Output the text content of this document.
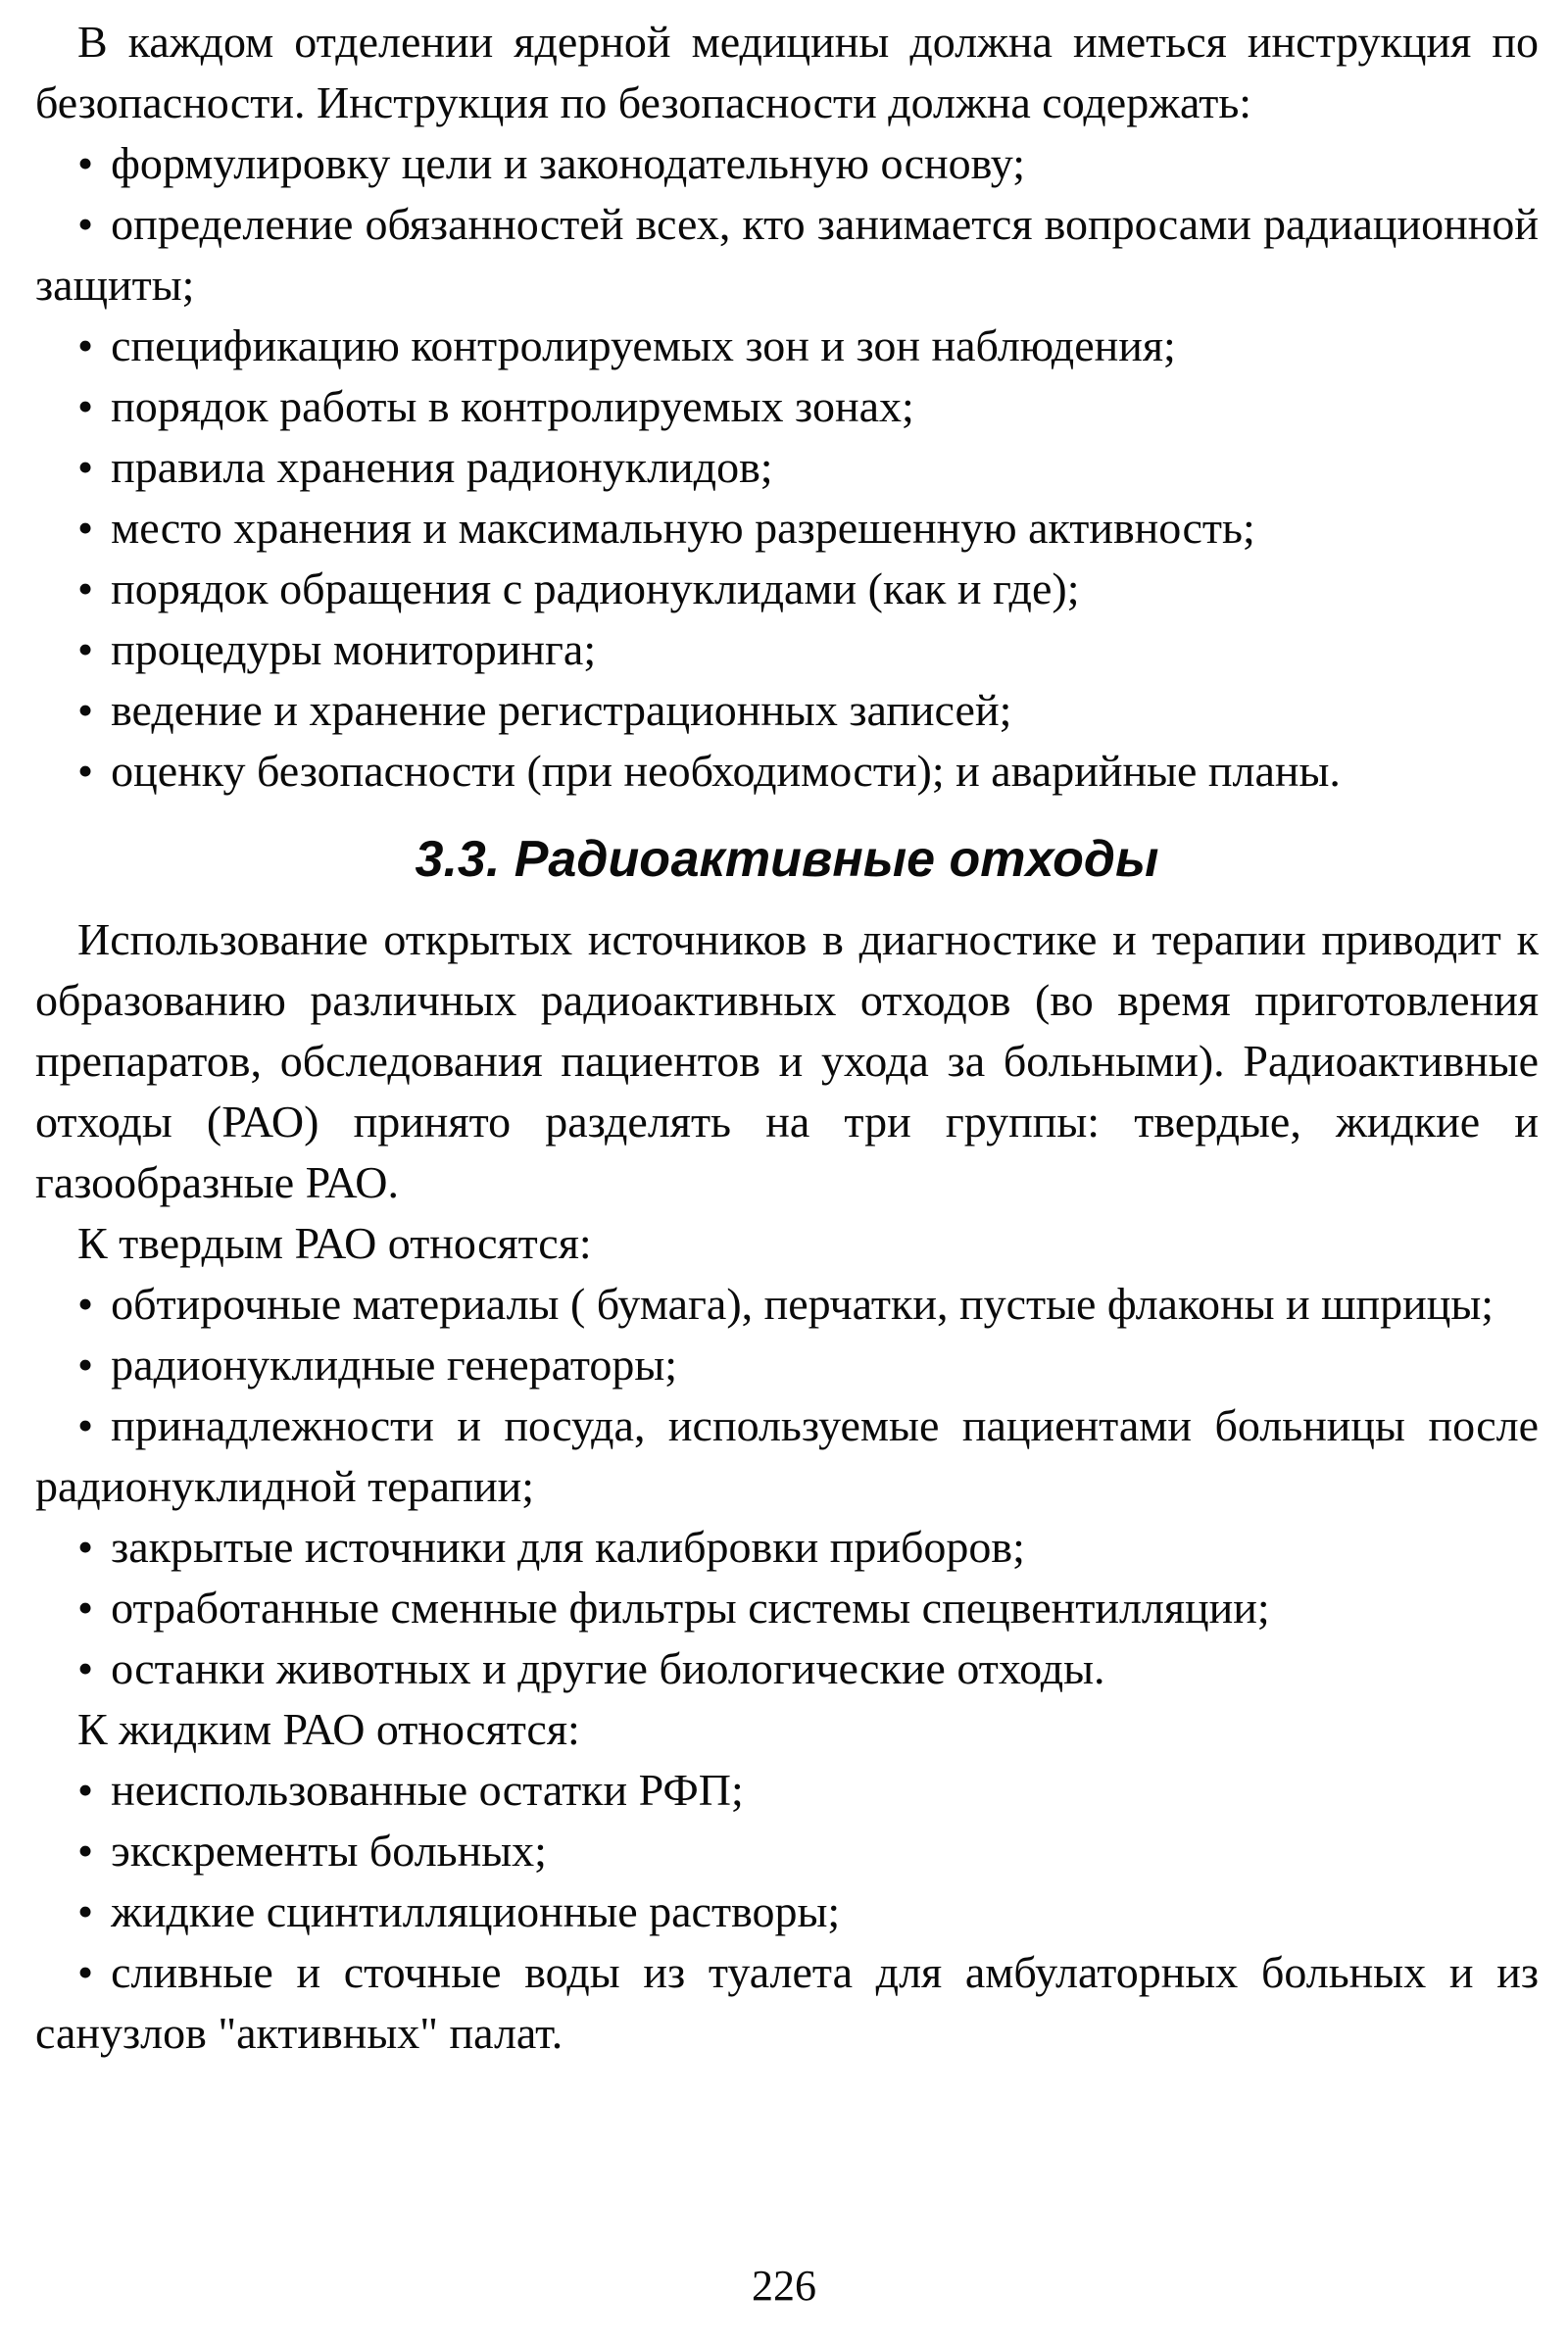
В каждом отделении ядерной медицины должна иметься инструкция по безопасности. Инструкция по безопасности должна содержать:

• формулировку цели и законодательную основу;

• определение обязанностей всех, кто занимается вопросами радиационной защиты;

• спецификацию контролируемых зон и зон наблюдения;

• порядок работы в контролируемых зонах;

• правила хранения радионуклидов;

• место хранения и максимальную разрешенную активность;

• порядок обращения с радионуклидами (как и где);

• процедуры мониторинга;

• ведение и хранение регистрационных записей;

• оценку безопасности (при необходимости); и аварийные планы.

3.3. Радиоактивные отходы

Использование открытых источников в диагностике и терапии приводит к образованию различных радиоактивных отходов (во время приготовления препаратов, обследования пациентов и ухода за больными). Радиоактивные отходы (РАО) принято разделять на три группы: твердые, жидкие и газообразные РАО.

К твердым РАО относятся:

• обтирочные материалы ( бумага), перчатки, пустые флаконы и шприцы;

• радионуклидные генераторы;

• принадлежности и посуда, используемые пациентами больницы после радионуклидной терапии;

• закрытые источники для калибровки приборов;

• отработанные сменные фильтры системы спецвентилляции;

• останки животных и другие биологические отходы.

К жидким РАО относятся:

• неиспользованные остатки РФП;

• экскременты больных;

• жидкие сцинтилляционные растворы;

• сливные и сточные воды из туалета для амбулаторных больных и из санузлов "активных" палат.

226
